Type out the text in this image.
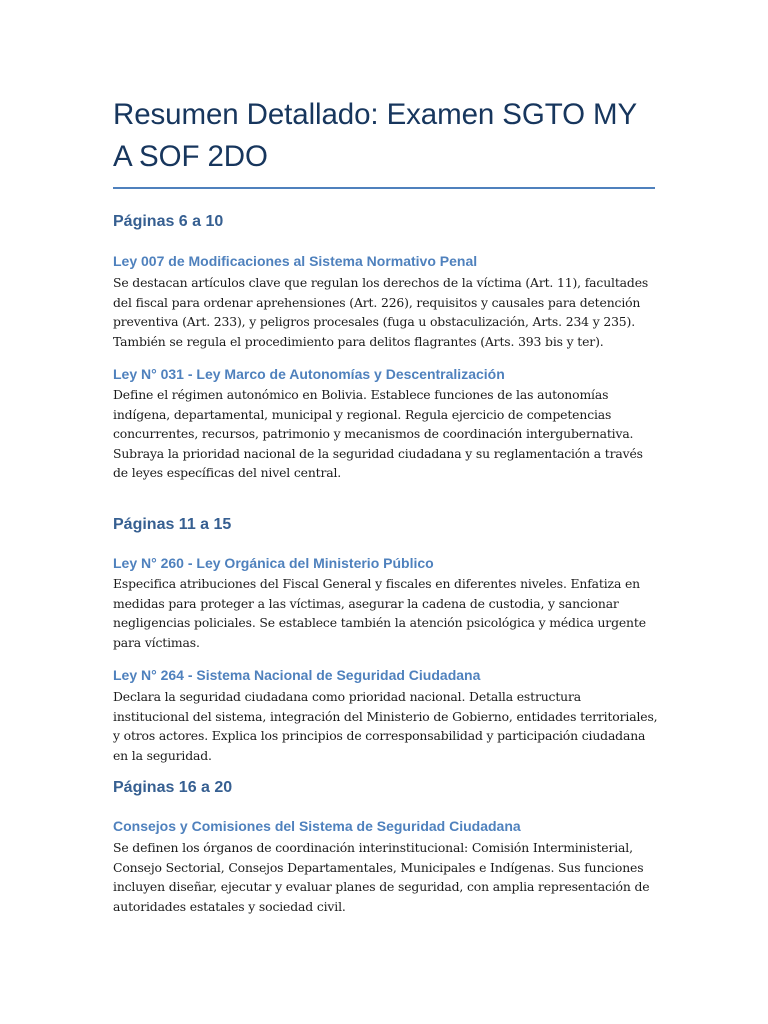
Resumen Detallado: Examen SGTO MY A SOF 2DO
Páginas 6 a 10
Ley 007 de Modificaciones al Sistema Normativo Penal

Se destacan artículos clave que regulan los derechos de la víctima (Art. 11), facultades del fiscal para ordenar aprehensiones (Art. 226), requisitos y causales para detención preventiva (Art. 233), y peligros procesales (fuga u obstaculización, Arts. 234 y 235). También se regula el procedimiento para delitos flagrantes (Arts. 393 bis y ter).

Ley N° 031 - Ley Marco de Autonomías y Descentralización

Define el régimen autonómico en Bolivia. Establece funciones de las autonomías indígena, departamental, municipal y regional. Regula ejercicio de competencias concurrentes, recursos, patrimonio y mecanismos de coordinación intergubernativa. Subraya la prioridad nacional de la seguridad ciudadana y su reglamentación a través de leyes específicas del nivel central.

Páginas 11 a 15
Ley N° 260 - Ley Orgánica del Ministerio Público

Especifica atribuciones del Fiscal General y fiscales en diferentes niveles. Enfatiza en medidas para proteger a las víctimas, asegurar la cadena de custodia, y sancionar negligencias policiales. Se establece también la atención psicológica y médica urgente para víctimas.

Ley N° 264 - Sistema Nacional de Seguridad Ciudadana

Declara la seguridad ciudadana como prioridad nacional. Detalla estructura institucional del sistema, integración del Ministerio de Gobierno, entidades territoriales, y otros actores. Explica los principios de corresponsabilidad y participación ciudadana en la seguridad.

Páginas 16 a 20
Consejos y Comisiones del Sistema de Seguridad Ciudadana

Se definen los órganos de coordinación interinstitucional: Comisión Interministerial, Consejo Sectorial, Consejos Departamentales, Municipales e Indígenas. Sus funciones incluyen diseñar, ejecutar y evaluar planes de seguridad, con amplia representación de autoridades estatales y sociedad civil.
